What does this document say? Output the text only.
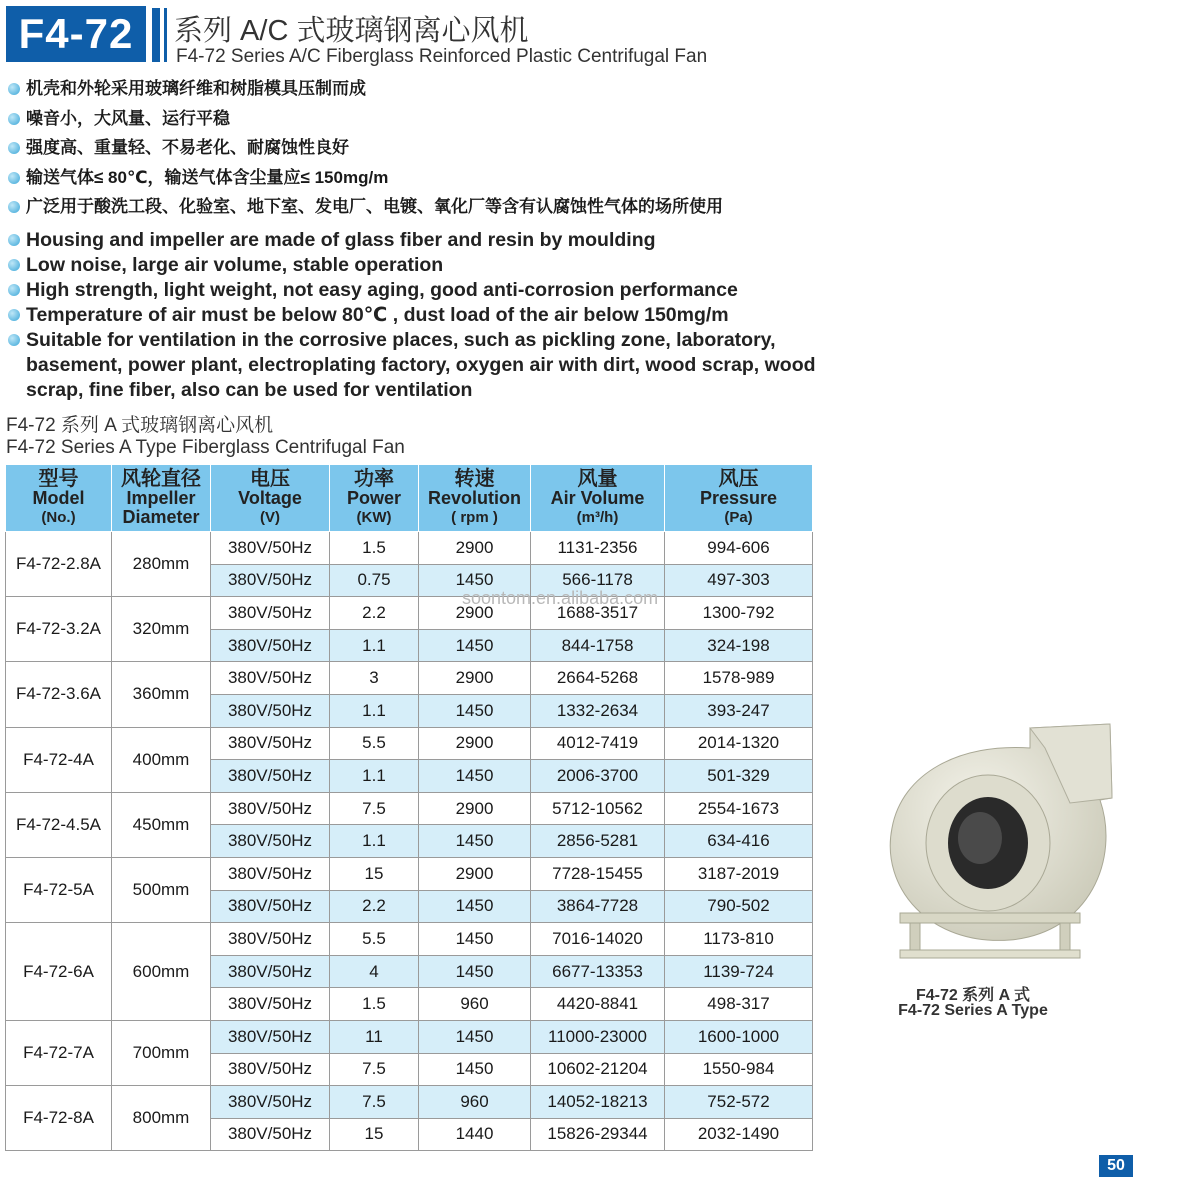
F4-72	系列 A/C 式玻璃钢离心风机
F4-72 Series A/C Fiberglass Reinforced Plastic Centrifugal Fan
机壳和外轮采用玻璃纤维和树脂模具压制而成
噪音小，大风量、运行平稳
强度高、重量轻、不易老化、耐腐蚀性良好
输送气体≤ 80℃，输送气体含尘量应≤ 150mg/m
广泛用于酸洗工段、化验室、地下室、发电厂、电镀、氧化厂等含有认腐蚀性气体的场所使用
Housing and impeller are made of glass fiber and resin by moulding
Low noise, large air volume, stable operation
High strength, light weight, not easy aging, good anti-corrosion performance
Temperature of air must be below 80℃ , dust load of the air below 150mg/m
Suitable for ventilation in the corrosive places, such as pickling zone, laboratory,
basement, power plant, electroplating factory, oxygen air with dirt, wood scrap, wood
scrap, fine fiber, also can be used for ventilation
F4-72 系列 A 式玻璃钢离心风机
F4-72 Series A Type Fiberglass Centrifugal Fan
型号
Model
(No.)	风轮直径
Impeller
Diameter	电压
Voltage
(V)	功率
Power
(KW)	转速
Revolution
( rpm )	风量
Air Volume
(m³/h)	风压
Pressure
(Pa)

F4-72-2.8A	280mm	380V/50Hz	1.5	2900	1131-2356	994-606
		380V/50Hz	0.75	1450	566-1178	497-303
F4-72-3.2A	320mm	380V/50Hz	2.2	2900	1688-3517	1300-792
		380V/50Hz	1.1	1450	844-1758	324-198
F4-72-3.6A	360mm	380V/50Hz	3	2900	2664-5268	1578-989
		380V/50Hz	1.1	1450	1332-2634	393-247
F4-72-4A	400mm	380V/50Hz	5.5	2900	4012-7419	2014-1320
		380V/50Hz	1.1	1450	2006-3700	501-329
F4-72-4.5A	450mm	380V/50Hz	7.5	2900	5712-10562	2554-1673
		380V/50Hz	1.1	1450	2856-5281	634-416
F4-72-5A	500mm	380V/50Hz	15	2900	7728-15455	3187-2019
		380V/50Hz	2.2	1450	3864-7728	790-502
F4-72-6A	600mm	380V/50Hz	5.5	1450	7016-14020	1173-810
		380V/50Hz	4	1450	6677-13353	1139-724
		380V/50Hz	1.5	960	4420-8841	498-317
F4-72-7A	700mm	380V/50Hz	11	1450	11000-23000	1600-1000
		380V/50Hz	7.5	1450	10602-21204	1550-984
F4-72-8A	800mm	380V/50Hz	7.5	960	14052-18213	752-572
		380V/50Hz	15	1440	15826-29344	2032-1490
soontom.en.alibaba.com
F4-72 系列 A 式
F4-72 Series A Type
50
